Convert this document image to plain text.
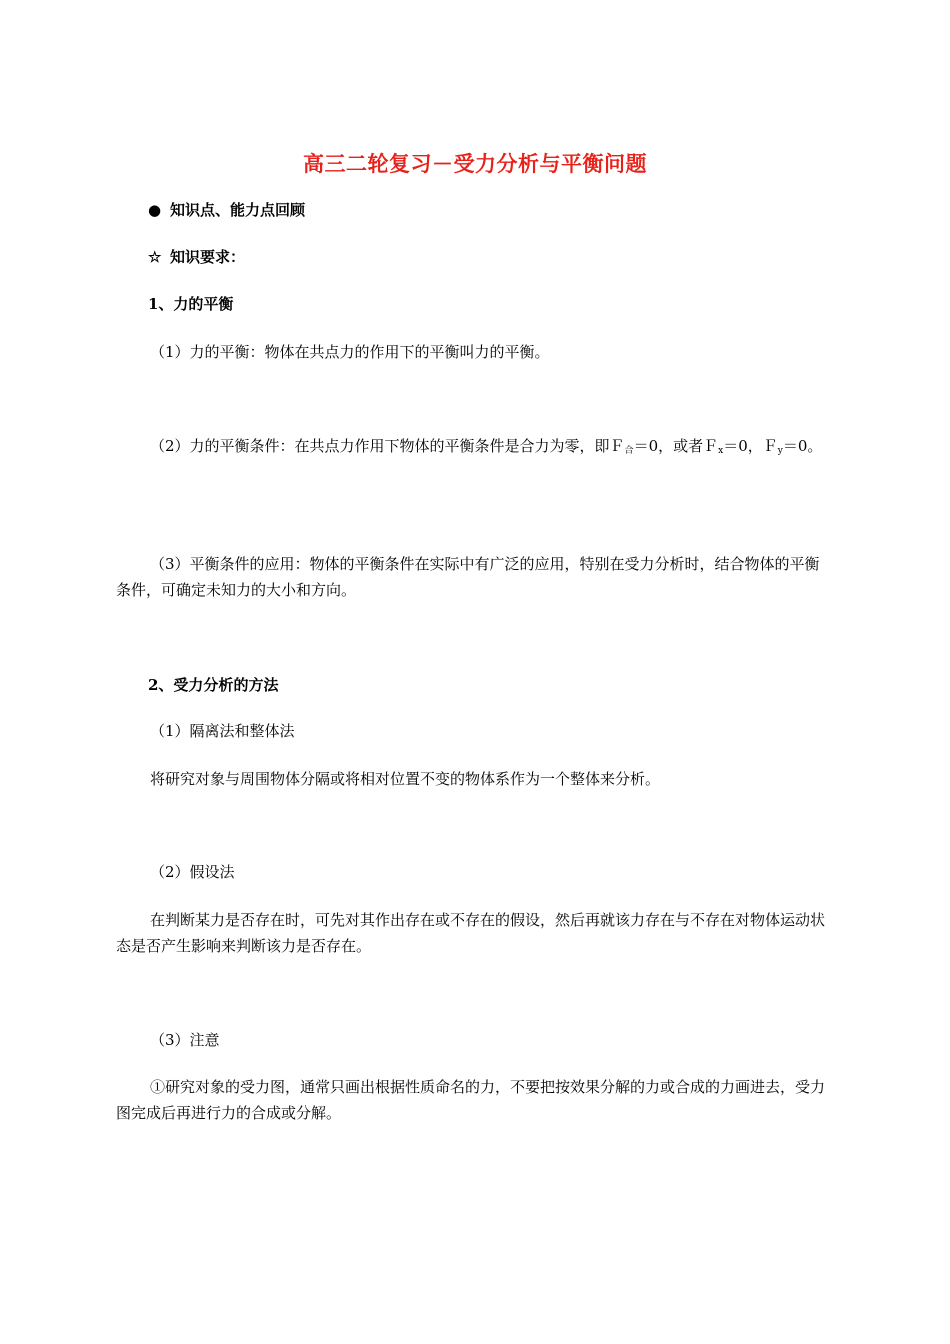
高三二轮复习－受力分析与平衡问题
● 知识点、能力点回顾
☆ 知识要求：
1、力的平衡
（1）力的平衡：物体在共点力的作用下的平衡叫力的平衡。
（2）力的平衡条件：在共点力作用下物体的平衡条件是合力为零，即Ｆ$_合$＝0，或者Ｆ$_x$＝0，Ｆ$_y$＝0。
（3）平衡条件的应用：物体的平衡条件在实际中有广泛的应用，特别在受力分析时，结合物体的平衡条件，可确定未知力的大小和方向。
2、受力分析的方法
（1）隔离法和整体法
将研究对象与周围物体分隔或将相对位置不变的物体系作为一个整体来分析。
（2）假设法
在判断某力是否存在时，可先对其作出存在或不存在的假设，然后再就该力存在与不存在对物体运动状态是否产生影响来判断该力是否存在。
（3）注意
①研究对象的受力图，通常只画出根据性质命名的力，不要把按效果分解的力或合成的力画进去，受力图完成后再进行力的合成或分解。
